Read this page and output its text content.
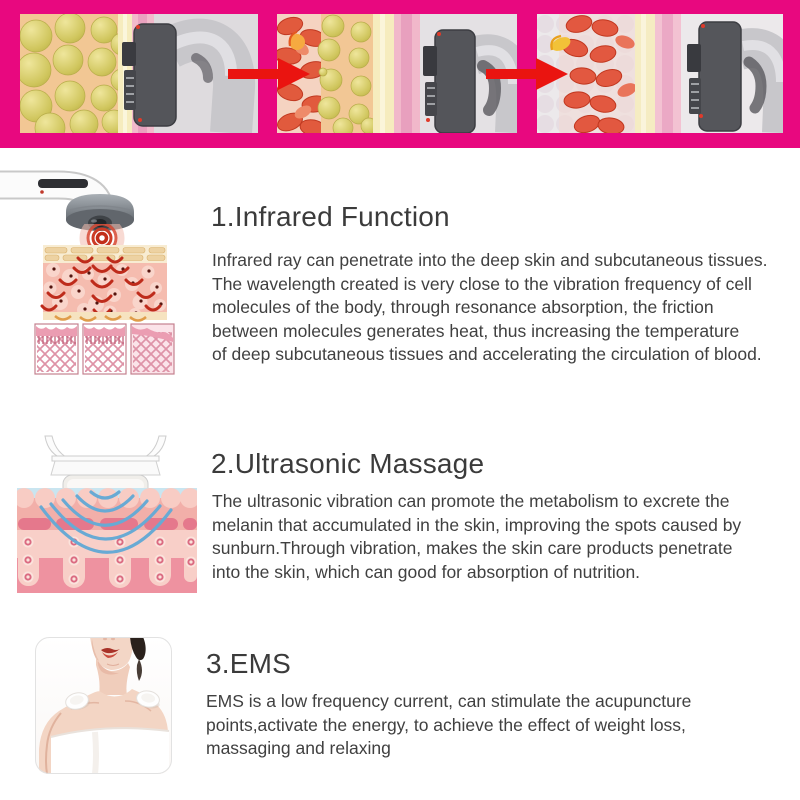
1.Infrared Function
Infrared ray can penetrate into the deep skin and subcutaneous tissues.
The wavelength created is very close to the vibration frequency of cell
molecules of the body, through resonance absorption, the friction
between molecules generates heat, thus increasing the temperature
of deep subcutaneous tissues and accelerating the circulation of blood.
2.Ultrasonic Massage
The ultrasonic vibration can promote the metabolism to excrete the
melanin that accumulated in the skin, improving the spots caused by
sunburn.Through vibration, makes the skin care products penetrate
into the skin, which can good for absorption of nutrition.
3.EMS
EMS is a low frequency current, can stimulate the acupuncture
points,activate the energy, to achieve the effect of weight loss,
massaging and relaxing
